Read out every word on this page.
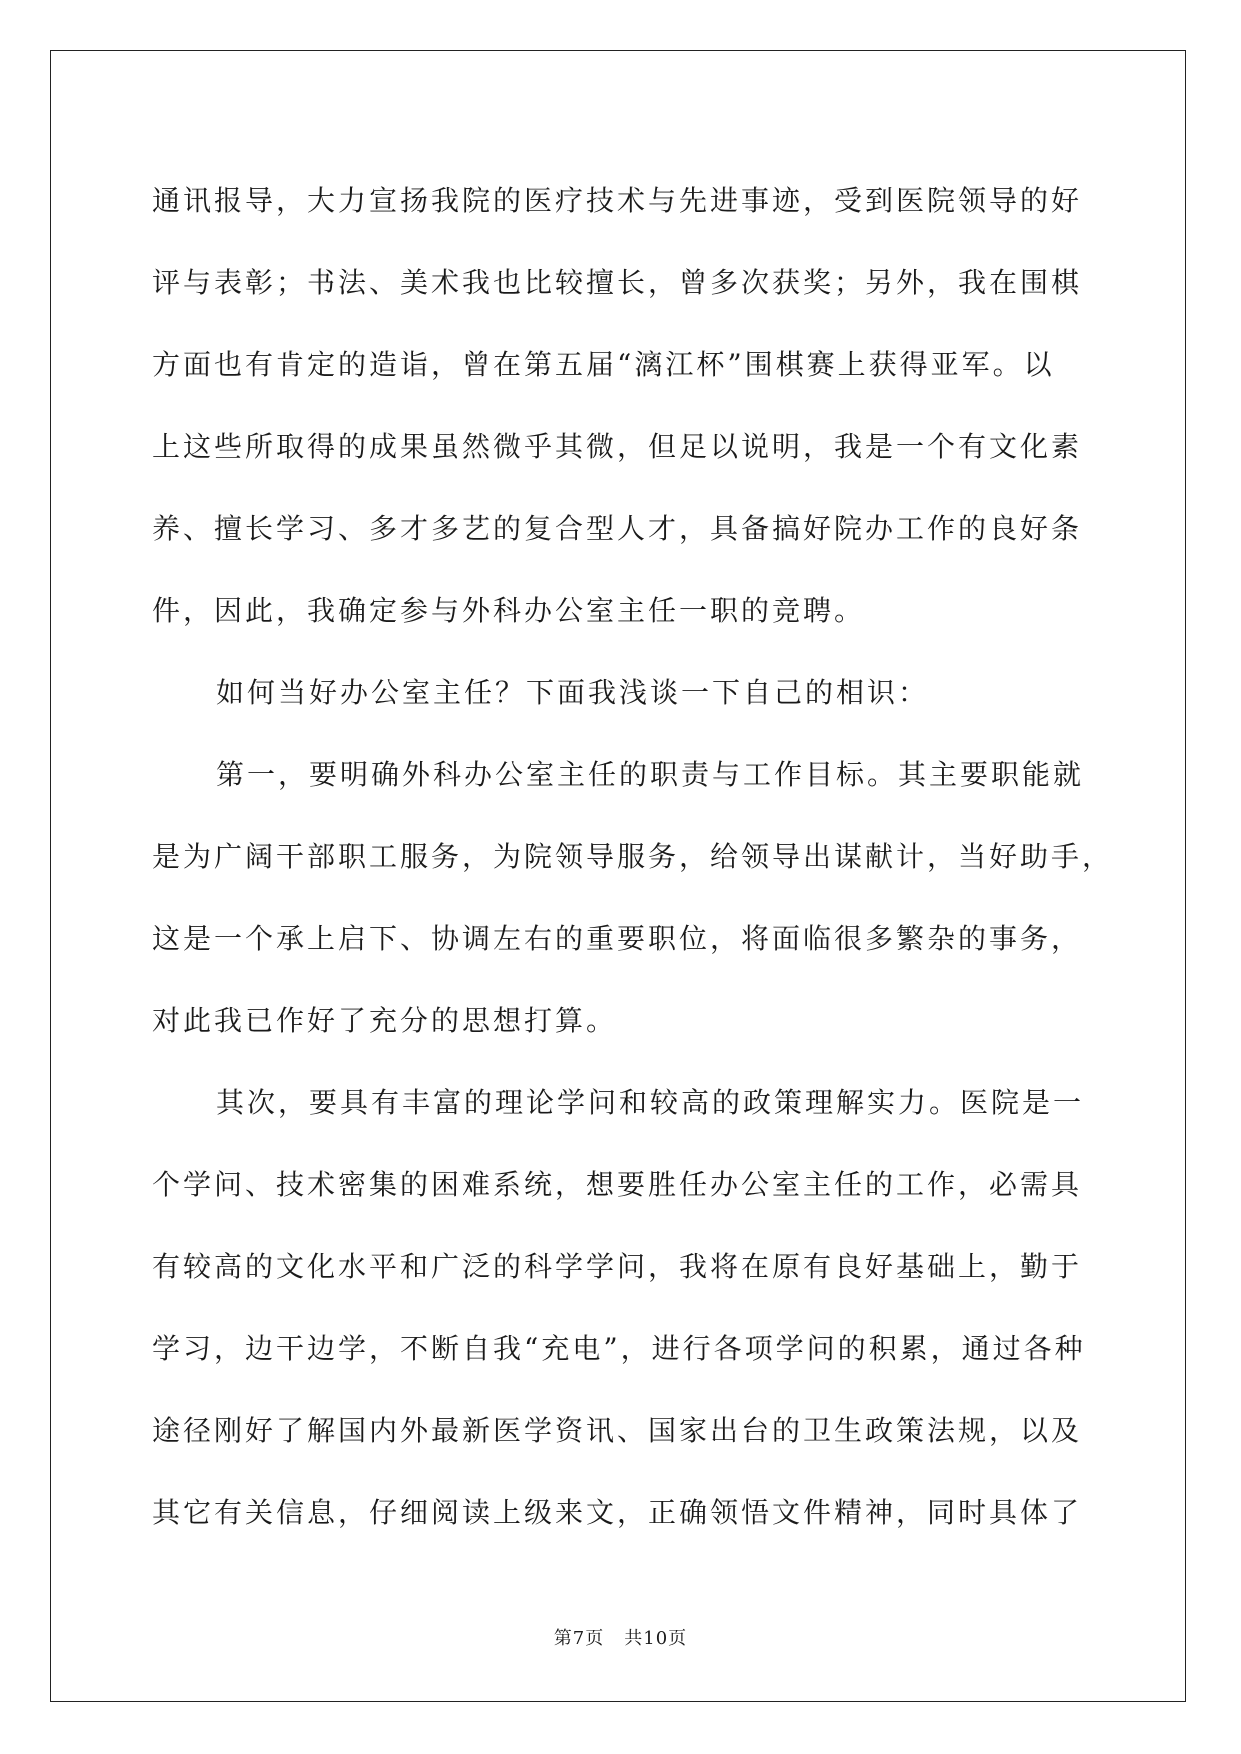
通讯报导，大力宣扬我院的医疗技术与先进事迹，受到医院领导的好
评与表彰；书法、美术我也比较擅长，曾多次获奖；另外，我在围棋
方面也有肯定的造诣，曾在第五届“漓江杯”围棋赛上获得亚军。以
上这些所取得的成果虽然微乎其微，但足以说明，我是一个有文化素
养、擅长学习、多才多艺的复合型人才，具备搞好院办工作的良好条
件，因此，我确定参与外科办公室主任一职的竞聘。
如何当好办公室主任？下面我浅谈一下自己的相识：
第一，要明确外科办公室主任的职责与工作目标。其主要职能就
是为广阔干部职工服务，为院领导服务，给领导出谋献计，当好助手，
这是一个承上启下、协调左右的重要职位，将面临很多繁杂的事务，
对此我已作好了充分的思想打算。
其次，要具有丰富的理论学问和较高的政策理解实力。医院是一
个学问、技术密集的困难系统，想要胜任办公室主任的工作，必需具
有较高的文化水平和广泛的科学学问，我将在原有良好基础上，勤于
学习，边干边学，不断自我“充电”，进行各项学问的积累，通过各种
途径刚好了解国内外最新医学资讯、国家出台的卫生政策法规，以及
其它有关信息，仔细阅读上级来文，正确领悟文件精神，同时具体了
第7页 共10页
